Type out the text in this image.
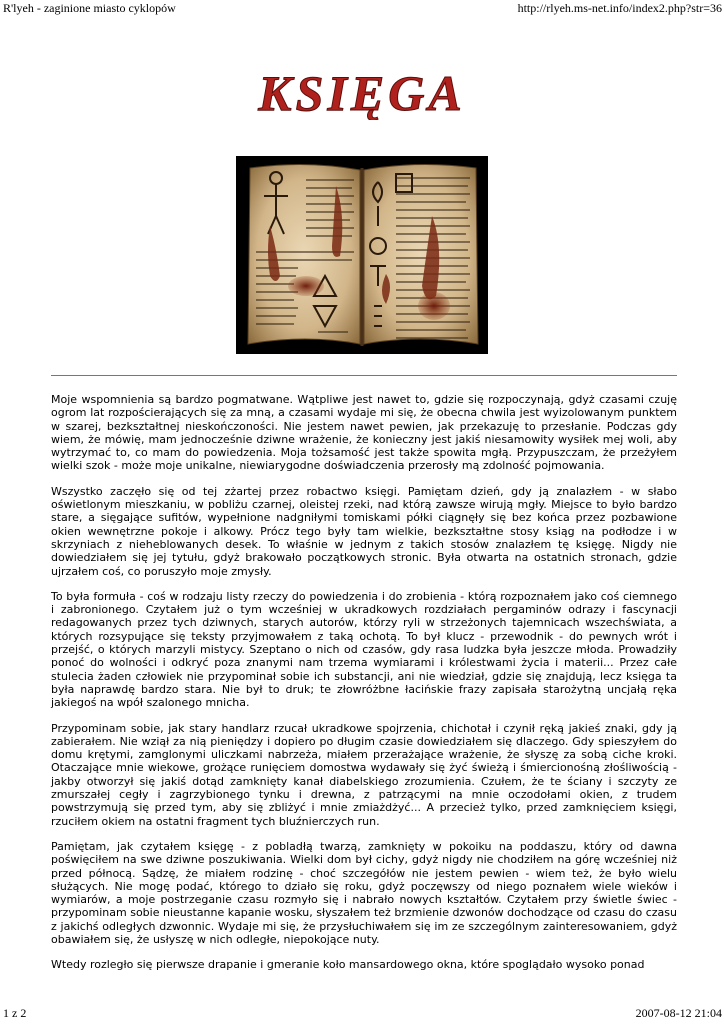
R'lyeh - zaginione miasto cyklopów	http://rlyeh.ms-net.info/index2.php?str=36
KSIĘGA

Moje wspomnienia są bardzo pogmatwane. Wątpliwe jest nawet to, gdzie się rozpoczynają, gdyż czasami czuję ogrom lat rozpościerających się za mną, a czasami wydaje mi się, że obecna chwila jest wyizolowanym punktem w szarej, bezkształtnej nieskończoności. Nie jestem nawet pewien, jak przekazuję to przesłanie. Podczas gdy wiem, że mówię, mam jednocześnie dziwne wrażenie, że konieczny jest jakiś niesamowity wysiłek mej woli, aby wytrzymać to, co mam do powiedzenia. Moja tożsamość jest także spowita mgłą. Przypuszczam, że przeżyłem wielki szok - może moje unikalne, niewiarygodne doświadczenia przerosły mą zdolność pojmowania.

Wszystko zaczęło się od tej zżartej przez robactwo księgi. Pamiętam dzień, gdy ją znalazłem - w słabo oświetlonym mieszkaniu, w pobliżu czarnej, oleistej rzeki, nad którą zawsze wirują mgły. Miejsce to było bardzo stare, a sięgające sufitów, wypełnione nadgniłymi tomiskami półki ciągnęły się bez końca przez pozbawione okien wewnętrzne pokoje i alkowy. Prócz tego były tam wielkie, bezkształtne stosy ksiąg na podłodze i w skrzyniach z nieheblowanych desek. To właśnie w jednym z takich stosów znalazłem tę księgę. Nigdy nie dowiedziałem się jej tytułu, gdyż brakowało początkowych stronic. Była otwarta na ostatnich stronach, gdzie ujrzałem coś, co poruszyło moje zmysły.

To była formuła - coś w rodzaju listy rzeczy do powiedzenia i do zrobienia - którą rozpoznałem jako coś ciemnego i zabronionego. Czytałem już o tym wcześniej w ukradkowych rozdziałach pergaminów odrazy i fascynacji redagowanych przez tych dziwnych, starych autorów, którzy ryli w strzeżonych tajemnicach wszechświata, a których rozsypujące się teksty przyjmowałem z taką ochotą. To był klucz - przewodnik - do pewnych wrót i przejść, o których marzyli mistycy. Szeptano o nich od czasów, gdy rasa ludzka była jeszcze młoda. Prowadziły ponoć do wolności i odkryć poza znanymi nam trzema wymiarami i królestwami życia i materii... Przez całe stulecia żaden człowiek nie przypominał sobie ich substancji, ani nie wiedział, gdzie się znajdują, lecz księga ta była naprawdę bardzo stara. Nie był to druk; te złowróżbne łacińskie frazy zapisała starożytną uncjałą ręka jakiegoś na wpół szalonego mnicha.

Przypominam sobie, jak stary handlarz rzucał ukradkowe spojrzenia, chichotał i czynił ręką jakieś znaki, gdy ją zabierałem. Nie wziął za nią pieniędzy i dopiero po długim czasie dowiedziałem się dlaczego. Gdy spieszyłem do domu krętymi, zamglonymi uliczkami nabrzeża, miałem przerażające wrażenie, że słyszę za sobą ciche kroki. Otaczające mnie wiekowe, grożące runięciem domostwa wydawały się żyć świeżą i śmiercionośną złośliwością - jakby otworzył się jakiś dotąd zamknięty kanał diabelskiego zrozumienia. Czułem, że te ściany i szczyty ze zmurszałej cegły i zagrzybionego tynku i drewna, z patrzącymi na mnie oczodołami okien, z trudem powstrzymują się przed tym, aby się zbliżyć i mnie zmiażdżyć... A przecież tylko, przed zamknięciem księgi, rzuciłem okiem na ostatni fragment tych bluźnierczych run.

Pamiętam, jak czytałem księgę - z pobladłą twarzą, zamknięty w pokoiku na poddaszu, który od dawna poświęciłem na swe dziwne poszukiwania. Wielki dom był cichy, gdyż nigdy nie chodziłem na górę wcześniej niż przed północą. Sądzę, że miałem rodzinę - choć szczegółów nie jestem pewien - wiem też, że było wielu służących. Nie mogę podać, którego to działo się roku, gdyż poczęwszy od niego poznałem wiele wieków i wymiarów, a moje postrzeganie czasu rozmyło się i nabrało nowych kształtów. Czytałem przy świetle świec - przypominam sobie nieustanne kapanie wosku, słyszałem też brzmienie dzwonów dochodzące od czasu do czasu z jakichś odległych dzwonnic. Wydaje mi się, że przysłuchiwałem się im ze szczególnym zainteresowaniem, gdyż obawiałem się, że usłyszę w nich odległe, niepokojące nuty.

Wtedy rozległo się pierwsze drapanie i gmeranie koło mansardowego okna, które spoglądało wysoko ponad

1 z 2	2007-08-12 21:04
